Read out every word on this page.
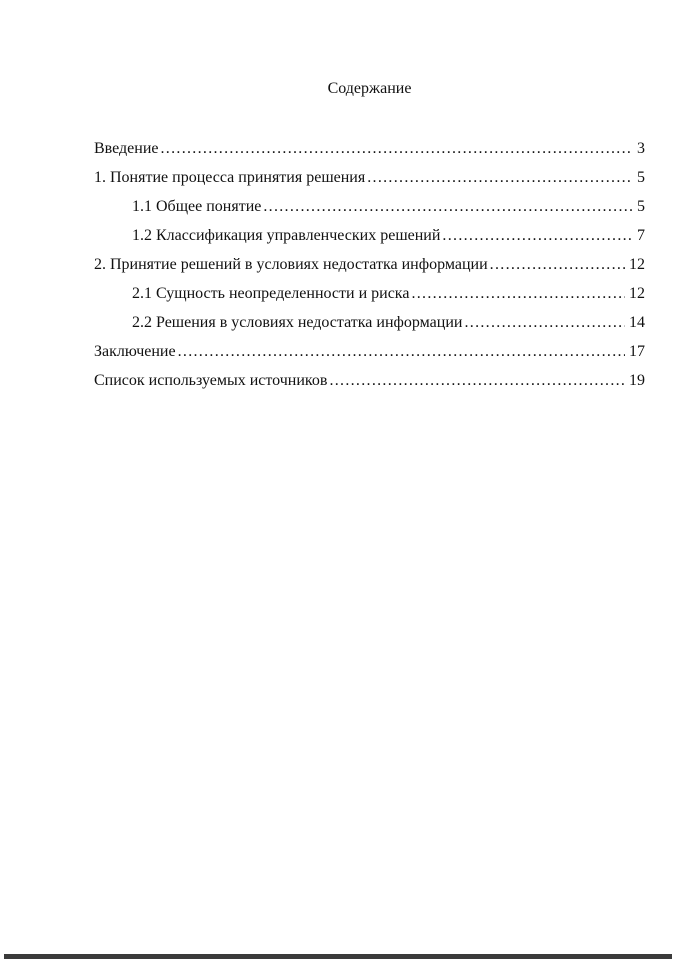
Содержание
Введение .....	3
1. Понятие процесса принятия решения .....	5
1.1 Общее понятие .....	5
1.2 Классификация управленческих решений .....	7
2. Принятие решений в условиях недостатка информации .....	12
2.1 Сущность неопределенности и риска .....	12
2.2 Решения в условиях недостатка информации .....	14
Заключение .....	17
Список используемых источников .....	19
